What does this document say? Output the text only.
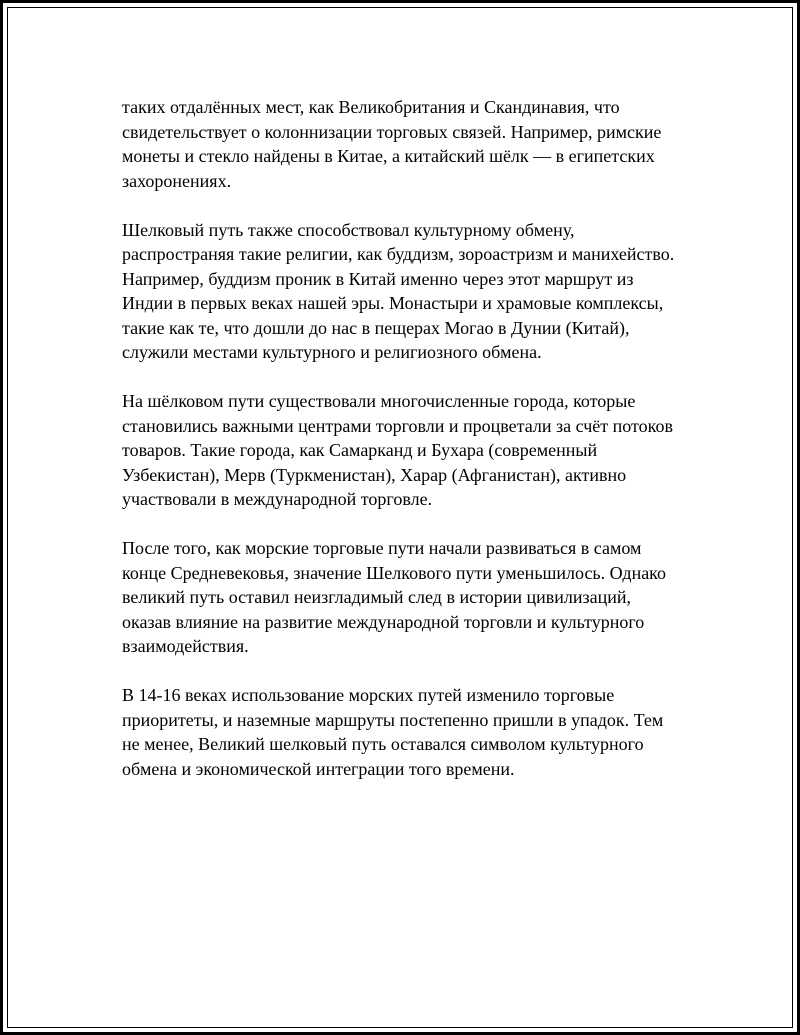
таких отдалённых мест, как Великобритания и Скандинавия, что
свидетельствует о колоннизации торговых связей. Например, римские
монеты и стекло найдены в Китае, а китайский шёлк — в египетских
захоронениях.

Шелковый путь также способствовал культурному обмену,
распространяя такие религии, как буддизм, зороастризм и манихейство.
Например, буддизм проник в Китай именно через этот маршрут из
Индии в первых веках нашей эры. Монастыри и храмовые комплексы,
такие как те, что дошли до нас в пещерах Могао в Дунии (Китай),
служили местами культурного и религиозного обмена.

На шёлковом пути существовали многочисленные города, которые
становились важными центрами торговли и процветали за счёт потоков
товаров. Такие города, как Самарканд и Бухара (современный
Узбекистан), Мерв (Туркменистан), Харар (Афганистан), активно
участвовали в международной торговле.

После того, как морские торговые пути начали развиваться в самом
конце Средневековья, значение Шелкового пути уменьшилось. Однако
великий путь оставил неизгладимый след в истории цивилизаций,
оказав влияние на развитие международной торговли и культурного
взаимодействия.

В 14-16 веках использование морских путей изменило торговые
приоритеты, и наземные маршруты постепенно пришли в упадок. Тем
не менее, Великий шелковый путь оставался символом культурного
обмена и экономической интеграции того времени.
